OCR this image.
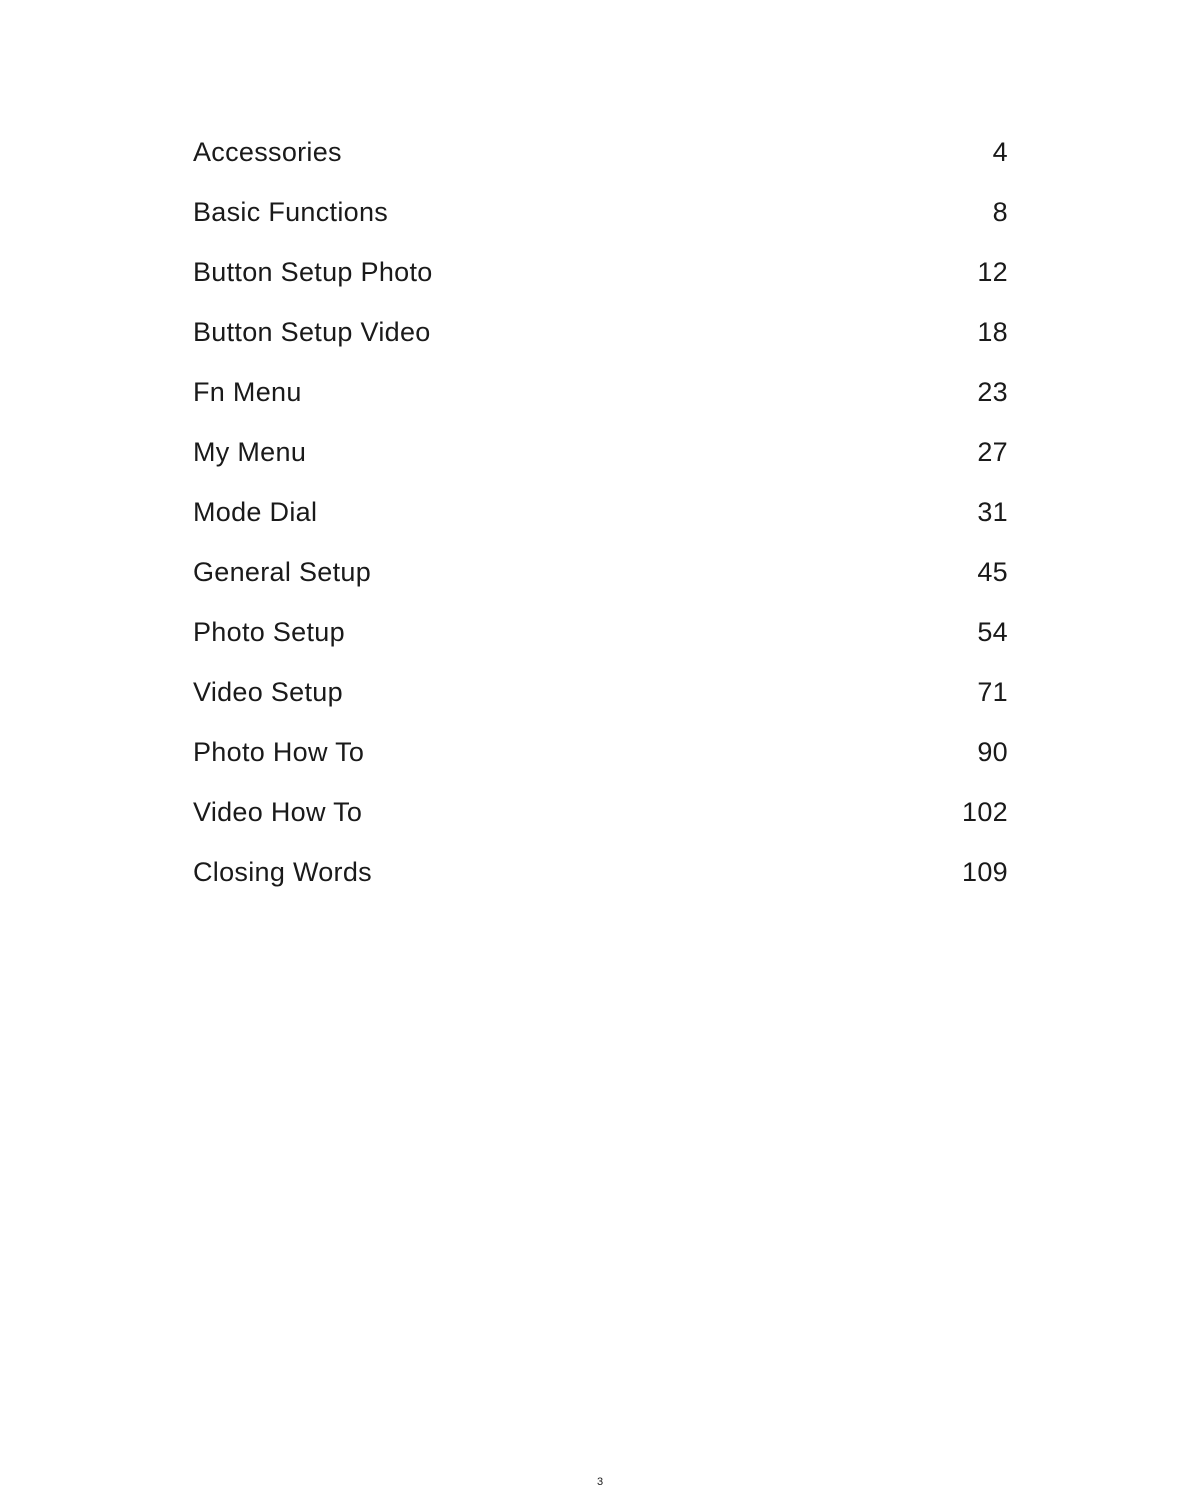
Accessories	4
Basic Functions	8
Button Setup Photo	12
Button Setup Video	18
Fn Menu	23
My Menu	27
Mode Dial	31
General Setup	45
Photo Setup	54
Video Setup	71
Photo How To	90
Video How To	102
Closing Words	109
3
